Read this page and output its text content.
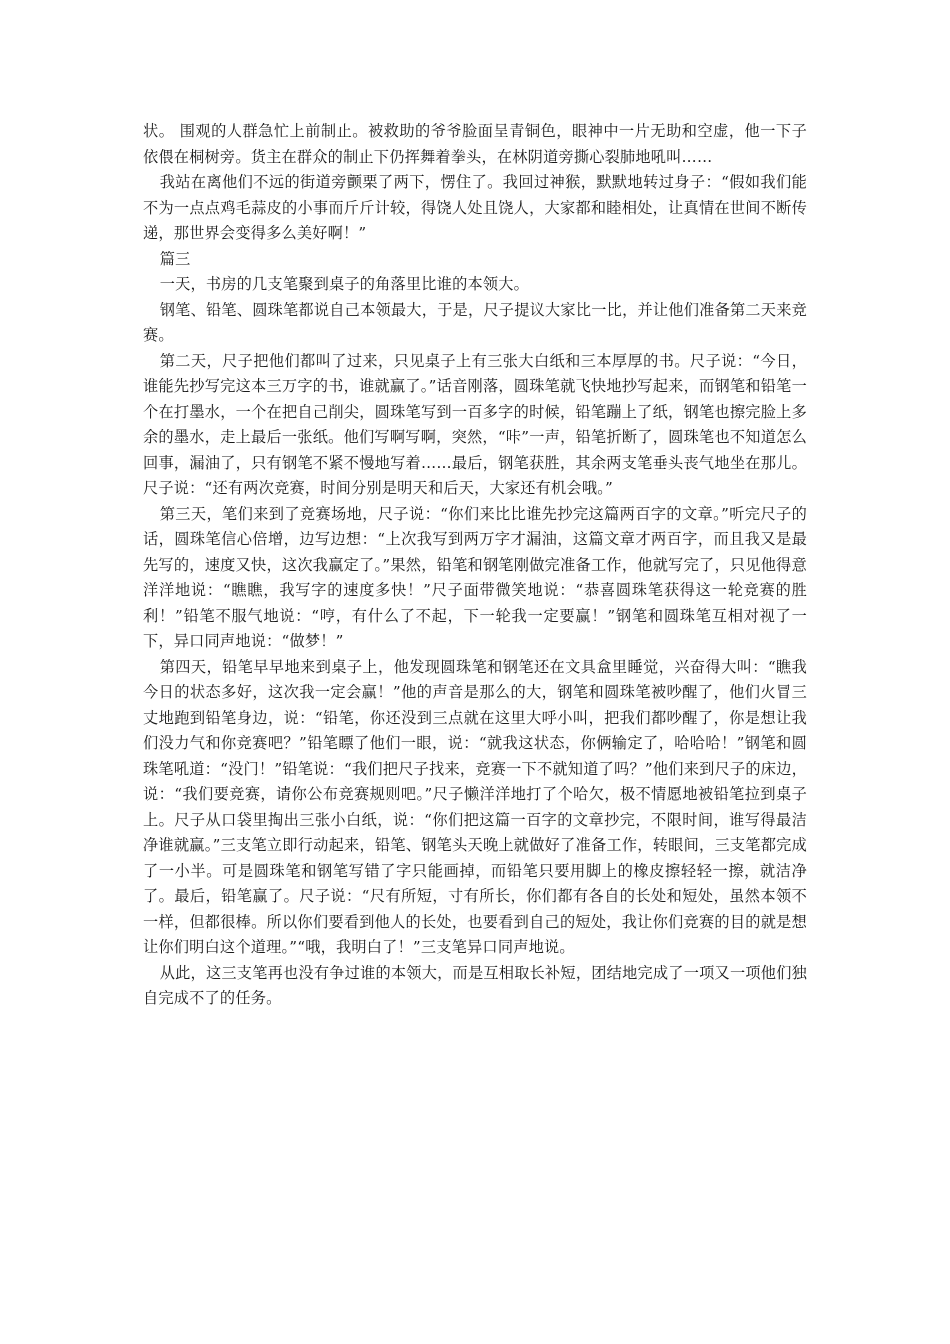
状。 围观的人群急忙上前制止。被救助的爷爷脸面呈青铜色，眼神中一片无助和空虚，他一下子依偎在桐树旁。货主在群众的制止下仍挥舞着拳头，在林阴道旁撕心裂肺地吼叫……

我站在离他们不远的街道旁颤栗了两下，愣住了。我回过神猴，默默地转过身子：“假如我们能不为一点点鸡毛蒜皮的小事而斤斤计较，得饶人处且饶人，大家都和睦相处，让真情在世间不断传递，那世界会变得多么美好啊！”

篇三

一天，书房的几支笔聚到桌子的角落里比谁的本领大。

钢笔、铅笔、圆珠笔都说自己本领最大，于是，尺子提议大家比一比，并让他们准备第二天来竞赛。

第二天，尺子把他们都叫了过来，只见桌子上有三张大白纸和三本厚厚的书。尺子说：“今日，谁能先抄写完这本三万字的书，谁就赢了。”话音刚落，圆珠笔就飞快地抄写起来，而钢笔和铅笔一个在打墨水，一个在把自己削尖，圆珠笔写到一百多字的时候，铅笔蹦上了纸，钢笔也擦完脸上多余的墨水，走上最后一张纸。他们写啊写啊，突然，“咔”一声，铅笔折断了，圆珠笔也不知道怎么回事，漏油了，只有钢笔不紧不慢地写着……最后，钢笔获胜，其余两支笔垂头丧气地坐在那儿。尺子说：“还有两次竞赛，时间分别是明天和后天，大家还有机会哦。”

第三天，笔们来到了竞赛场地，尺子说：“你们来比比谁先抄完这篇两百字的文章。”听完尺子的话，圆珠笔信心倍增，边写边想：“上次我写到两万字才漏油，这篇文章才两百字，而且我又是最先写的，速度又快，这次我赢定了。”果然，铅笔和钢笔刚做完准备工作，他就写完了，只见他得意洋洋地说：“瞧瞧，我写字的速度多快！”尺子面带微笑地说：“恭喜圆珠笔获得这一轮竞赛的胜利！”铅笔不服气地说：“哼，有什么了不起，下一轮我一定要赢！”钢笔和圆珠笔互相对视了一下，异口同声地说：“做梦！”

第四天，铅笔早早地来到桌子上，他发现圆珠笔和钢笔还在文具盒里睡觉，兴奋得大叫：“瞧我今日的状态多好，这次我一定会赢！”他的声音是那么的大，钢笔和圆珠笔被吵醒了，他们火冒三丈地跑到铅笔身边，说：“铅笔，你还没到三点就在这里大呼小叫，把我们都吵醒了，你是想让我们没力气和你竞赛吧？”铅笔瞟了他们一眼，说：“就我这状态，你俩输定了，哈哈哈！”钢笔和圆珠笔吼道：“没门！”铅笔说：“我们把尺子找来，竞赛一下不就知道了吗？”他们来到尺子的床边，说：“我们要竞赛，请你公布竞赛规则吧。”尺子懒洋洋地打了个哈欠，极不情愿地被铅笔拉到桌子上。尺子从口袋里掏出三张小白纸，说：“你们把这篇一百字的文章抄完，不限时间，谁写得最洁净谁就赢。”三支笔立即行动起来，铅笔、钢笔头天晚上就做好了准备工作，转眼间，三支笔都完成了一小半。可是圆珠笔和钢笔写错了字只能画掉，而铅笔只要用脚上的橡皮擦轻轻一擦，就洁净了。最后，铅笔赢了。尺子说：“尺有所短，寸有所长，你们都有各自的长处和短处，虽然本领不一样，但都很棒。所以你们要看到他人的长处，也要看到自己的短处，我让你们竞赛的目的就是想让你们明白这个道理。”“哦，我明白了！”三支笔异口同声地说。

从此，这三支笔再也没有争过谁的本领大，而是互相取长补短，团结地完成了一项又一项他们独自完成不了的任务。
